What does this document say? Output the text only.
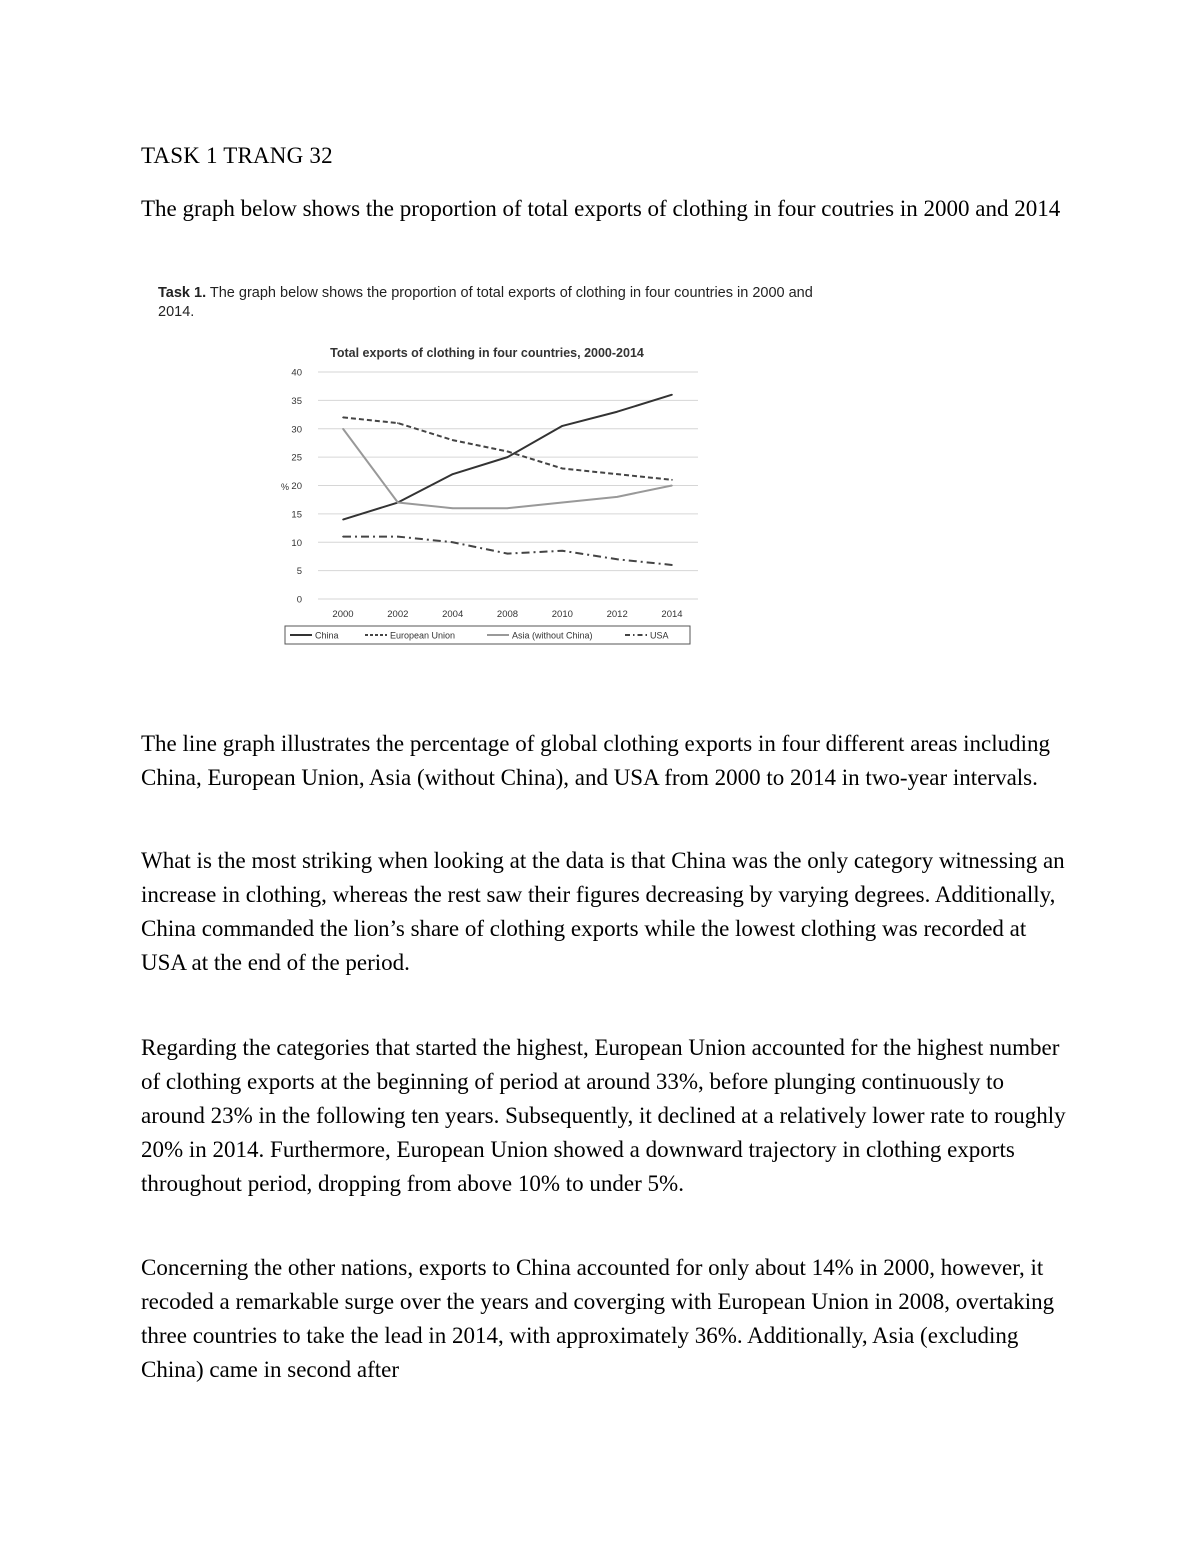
TASK 1 TRANG 32

The graph below shows the proportion of total exports of clothing in four coutries in 2000 and 2014

Task 1. The graph below shows the proportion of total exports of clothing in four countries in 2000 and 2014.

Total exports of clothing in four countries, 2000-2014
0
5
10
15
20
25
30
35
40
%
2000	2002	2004	2008	2010	2012	2014
China	European Union	Asia (without China)	USA

The line graph illustrates the percentage of global clothing exports in four different areas including China, European Union, Asia (without China), and USA from 2000 to 2014 in two-year intervals.

What is the most striking when looking at the data is that China was the only category witnessing an increase in clothing, whereas the rest saw their figures decreasing by varying degrees. Additionally, China commanded the lion’s share of clothing exports while the lowest clothing was recorded at USA at the end of the period.

Regarding the categories that started the highest, European Union accounted for the highest number of clothing exports at the beginning of period at around 33%, before plunging continuously to around 23% in the following ten years. Subsequently, it declined at a relatively lower rate to roughly 20% in 2014. Furthermore, European Union showed a downward trajectory in clothing exports throughout period, dropping from above 10% to under 5%.

Concerning the other nations, exports to China accounted for only about 14% in 2000, however, it recoded a remarkable surge over the years and coverging with European Union in 2008, overtaking three countries to take the lead in 2014, with approximately 36%. Additionally, Asia (excluding China) came in second after
